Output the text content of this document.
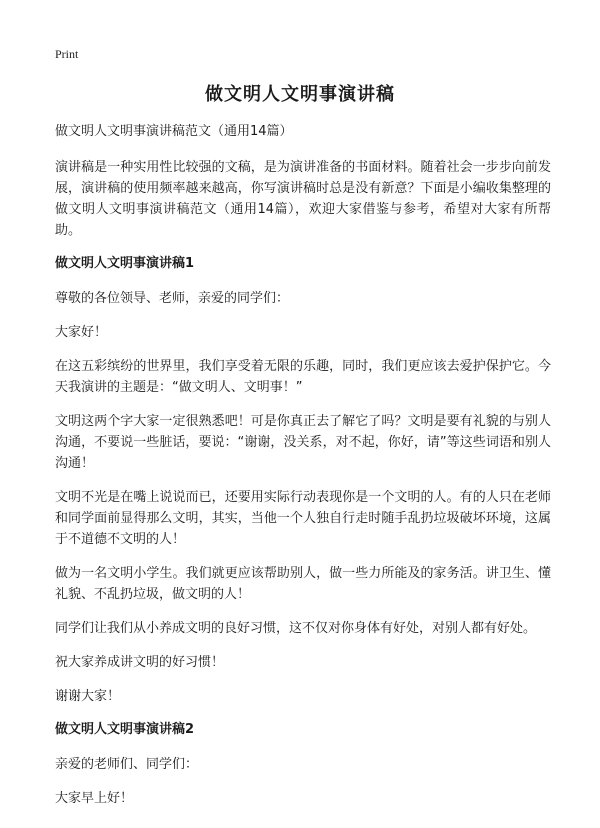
Print
做文明人文明事演讲稿

做文明人文明事演讲稿范文（通用14篇）

演讲稿是一种实用性比较强的文稿，是为演讲准备的书面材料。随着社会一步步向前发展，演讲稿的使用频率越来越高，你写演讲稿时总是没有新意？下面是小编收集整理的做文明人文明事演讲稿范文（通用14篇），欢迎大家借鉴与参考，希望对大家有所帮助。

做文明人文明事演讲稿1

尊敬的各位领导、老师，亲爱的同学们：

大家好！

在这五彩缤纷的世界里，我们享受着无限的乐趣，同时，我们更应该去爱护保护它。今天我演讲的主题是：“做文明人、文明事！”

文明这两个字大家一定很熟悉吧！可是你真正去了解它了吗？文明是要有礼貌的与别人沟通，不要说一些脏话，要说：“谢谢，没关系，对不起，你好，请”等这些词语和别人沟通！

文明不光是在嘴上说说而已，还要用实际行动表现你是一个文明的人。有的人只在老师和同学面前显得那么文明，其实，当他一个人独自行走时随手乱扔垃圾破坏环境，这属于不道德不文明的人！

做为一名文明小学生。我们就更应该帮助别人，做一些力所能及的家务活。讲卫生、懂礼貌、不乱扔垃圾，做文明的人！

同学们让我们从小养成文明的良好习惯，这不仅对你身体有好处，对别人都有好处。

祝大家养成讲文明的好习惯！

谢谢大家！

做文明人文明事演讲稿2

亲爱的老师们、同学们：

大家早上好！
